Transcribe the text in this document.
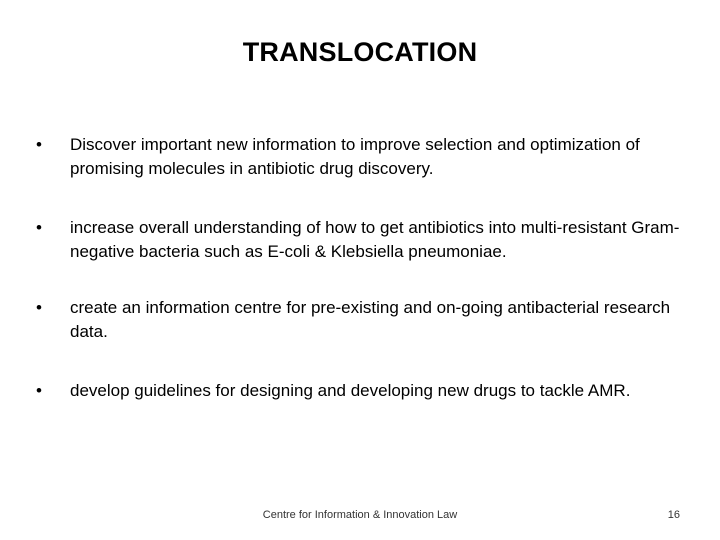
TRANSLOCATION
•	Discover important new information to improve selection and optimization of promising molecules in antibiotic drug discovery.
•	increase overall understanding of how to get antibiotics into multi-resistant Gram-negative bacteria such as E-coli & Klebsiella pneumoniae.
•	create an information centre for pre-existing and on-going antibacterial research data.
•	develop guidelines for designing and developing new drugs to tackle AMR.
Centre for Information & Innovation Law	16
